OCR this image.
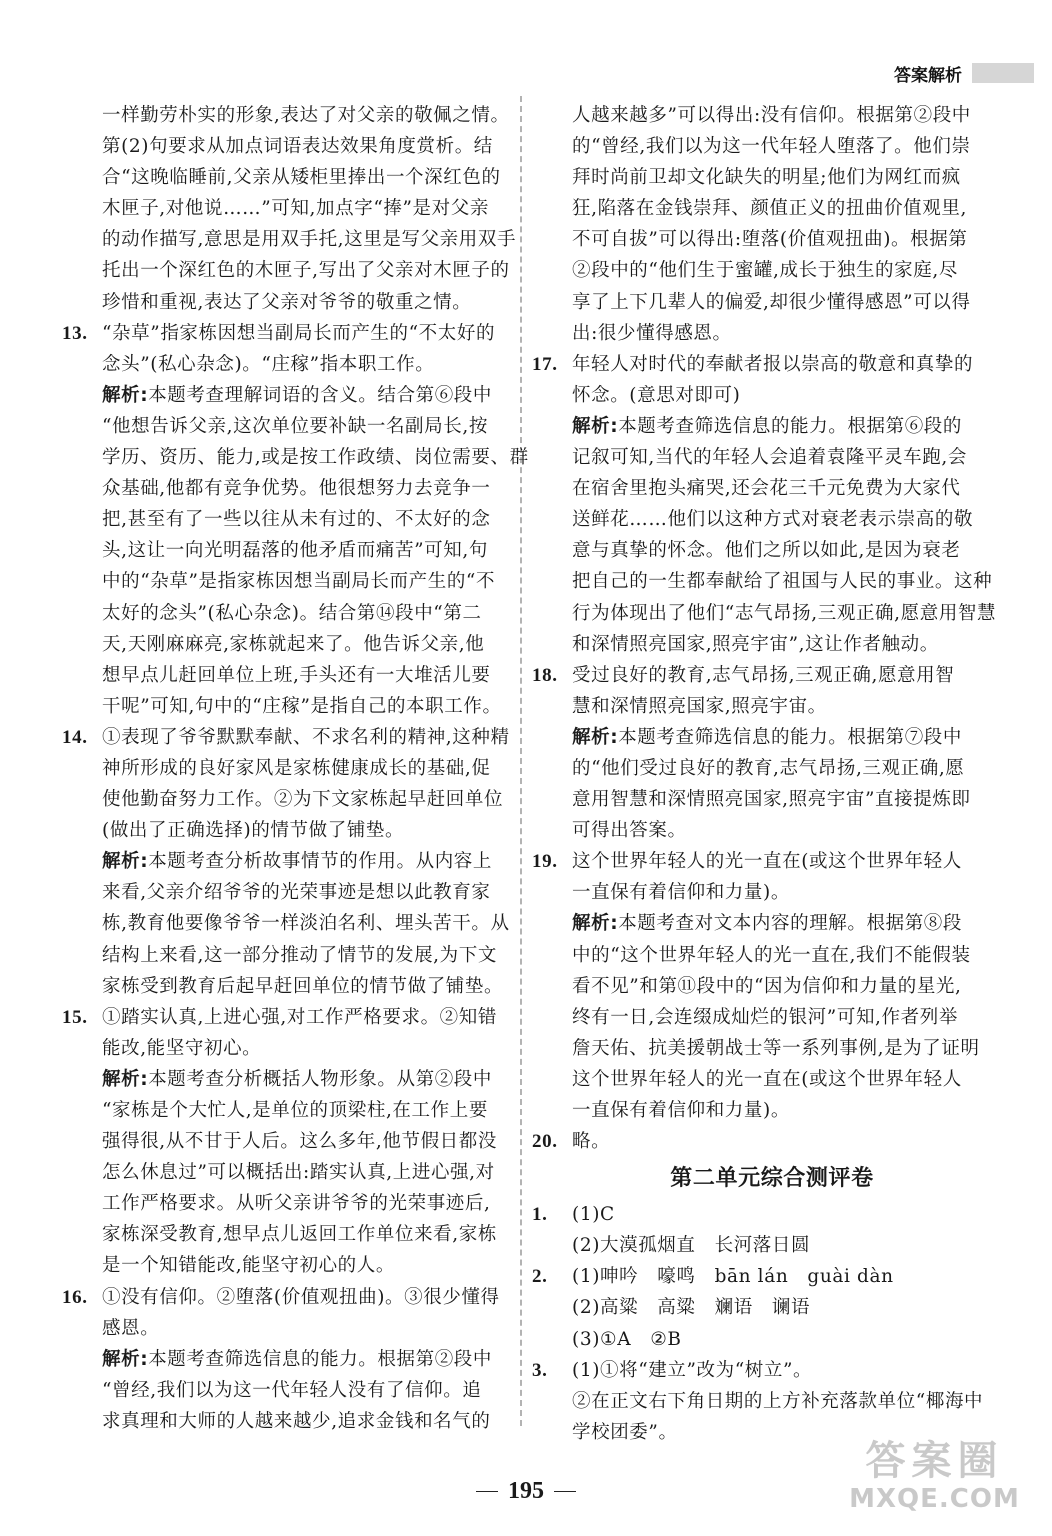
答案解析
一样勤劳朴实的形象,表达了对父亲的敬佩之情。
第(2)句要求从加点词语表达效果角度赏析。结
合“这晚临睡前,父亲从矮柜里捧出一个深红色的
木匣子,对他说……”可知,加点字“捧”是对父亲
的动作描写,意思是用双手托,这里是写父亲用双手
托出一个深红色的木匣子,写出了父亲对木匣子的
珍惜和重视,表达了父亲对爷爷的敬重之情。
13. “杂草”指家栋因想当副局长而产生的“不太好的
念头”(私心杂念)。“庄稼”指本职工作。
解析:本题考查理解词语的含义。结合第⑥段中
“他想告诉父亲,这次单位要补缺一名副局长,按
学历、资历、能力,或是按工作政绩、岗位需要、群
众基础,他都有竞争优势。他很想努力去竞争一
把,甚至有了一些以往从未有过的、不太好的念
头,这让一向光明磊落的他矛盾而痛苦”可知,句
中的“杂草”是指家栋因想当副局长而产生的“不
太好的念头”(私心杂念)。结合第⑭段中“第二
天,天刚麻麻亮,家栋就起来了。他告诉父亲,他
想早点儿赶回单位上班,手头还有一大堆活儿要
干呢”可知,句中的“庄稼”是指自己的本职工作。
14. ①表现了爷爷默默奉献、不求名利的精神,这种精
神所形成的良好家风是家栋健康成长的基础,促
使他勤奋努力工作。②为下文家栋起早赶回单位
(做出了正确选择)的情节做了铺垫。
解析:本题考查分析故事情节的作用。从内容上
来看,父亲介绍爷爷的光荣事迹是想以此教育家
栋,教育他要像爷爷一样淡泊名利、埋头苦干。从
结构上来看,这一部分推动了情节的发展,为下文
家栋受到教育后起早赶回单位的情节做了铺垫。
15. ①踏实认真,上进心强,对工作严格要求。②知错
能改,能坚守初心。
解析:本题考查分析概括人物形象。从第②段中
“家栋是个大忙人,是单位的顶梁柱,在工作上要
强得很,从不甘于人后。这么多年,他节假日都没
怎么休息过”可以概括出:踏实认真,上进心强,对
工作严格要求。从听父亲讲爷爷的光荣事迹后,
家栋深受教育,想早点儿返回工作单位来看,家栋
是一个知错能改,能坚守初心的人。
16. ①没有信仰。②堕落(价值观扭曲)。③很少懂得
感恩。
解析:本题考查筛选信息的能力。根据第②段中
“曾经,我们以为这一代年轻人没有了信仰。追
求真理和大师的人越来越少,追求金钱和名气的
人越来越多”可以得出:没有信仰。根据第②段中
的“曾经,我们以为这一代年轻人堕落了。他们崇
拜时尚前卫却文化缺失的明星;他们为网红而疯
狂,陷落在金钱崇拜、颜值正义的扭曲价值观里,
不可自拔”可以得出:堕落(价值观扭曲)。根据第
②段中的“他们生于蜜罐,成长于独生的家庭,尽
享了上下几辈人的偏爱,却很少懂得感恩”可以得
出:很少懂得感恩。
17. 年轻人对时代的奉献者报以崇高的敬意和真挚的
怀念。(意思对即可)
解析:本题考查筛选信息的能力。根据第⑥段的
记叙可知,当代的年轻人会追着袁隆平灵车跑,会
在宿舍里抱头痛哭,还会花三千元免费为大家代
送鲜花……他们以这种方式对衰老表示崇高的敬
意与真挚的怀念。他们之所以如此,是因为衰老
把自己的一生都奉献给了祖国与人民的事业。这种
行为体现出了他们“志气昂扬,三观正确,愿意用智慧
和深情照亮国家,照亮宇宙”,这让作者触动。
18. 受过良好的教育,志气昂扬,三观正确,愿意用智
慧和深情照亮国家,照亮宇宙。
解析:本题考查筛选信息的能力。根据第⑦段中
的“他们受过良好的教育,志气昂扬,三观正确,愿
意用智慧和深情照亮国家,照亮宇宙”直接提炼即
可得出答案。
19. 这个世界年轻人的光一直在(或这个世界年轻人
一直保有着信仰和力量)。
解析:本题考查对文本内容的理解。根据第⑧段
中的“这个世界年轻人的光一直在,我们不能假装
看不见”和第⑪段中的“因为信仰和力量的星光,
终有一日,会连缀成灿烂的银河”可知,作者列举
詹天佑、抗美援朝战士等一系列事例,是为了证明
这个世界年轻人的光一直在(或这个世界年轻人
一直保有着信仰和力量)。
20. 略。
第二单元综合测评卷
1.	(1)C
(2)大漠孤烟直　长河落日圆
2.	(1)呻吟　嚎鸣　bān lán　guài dàn
(2)高粱　高粱　斓语　谰语
(3)①A　②B
3.	(1)①将“建立”改为“树立”。
②在正文右下角日期的上方补充落款单位“椰海中
学校团委”。
195
答案圈
MXQE.COM
